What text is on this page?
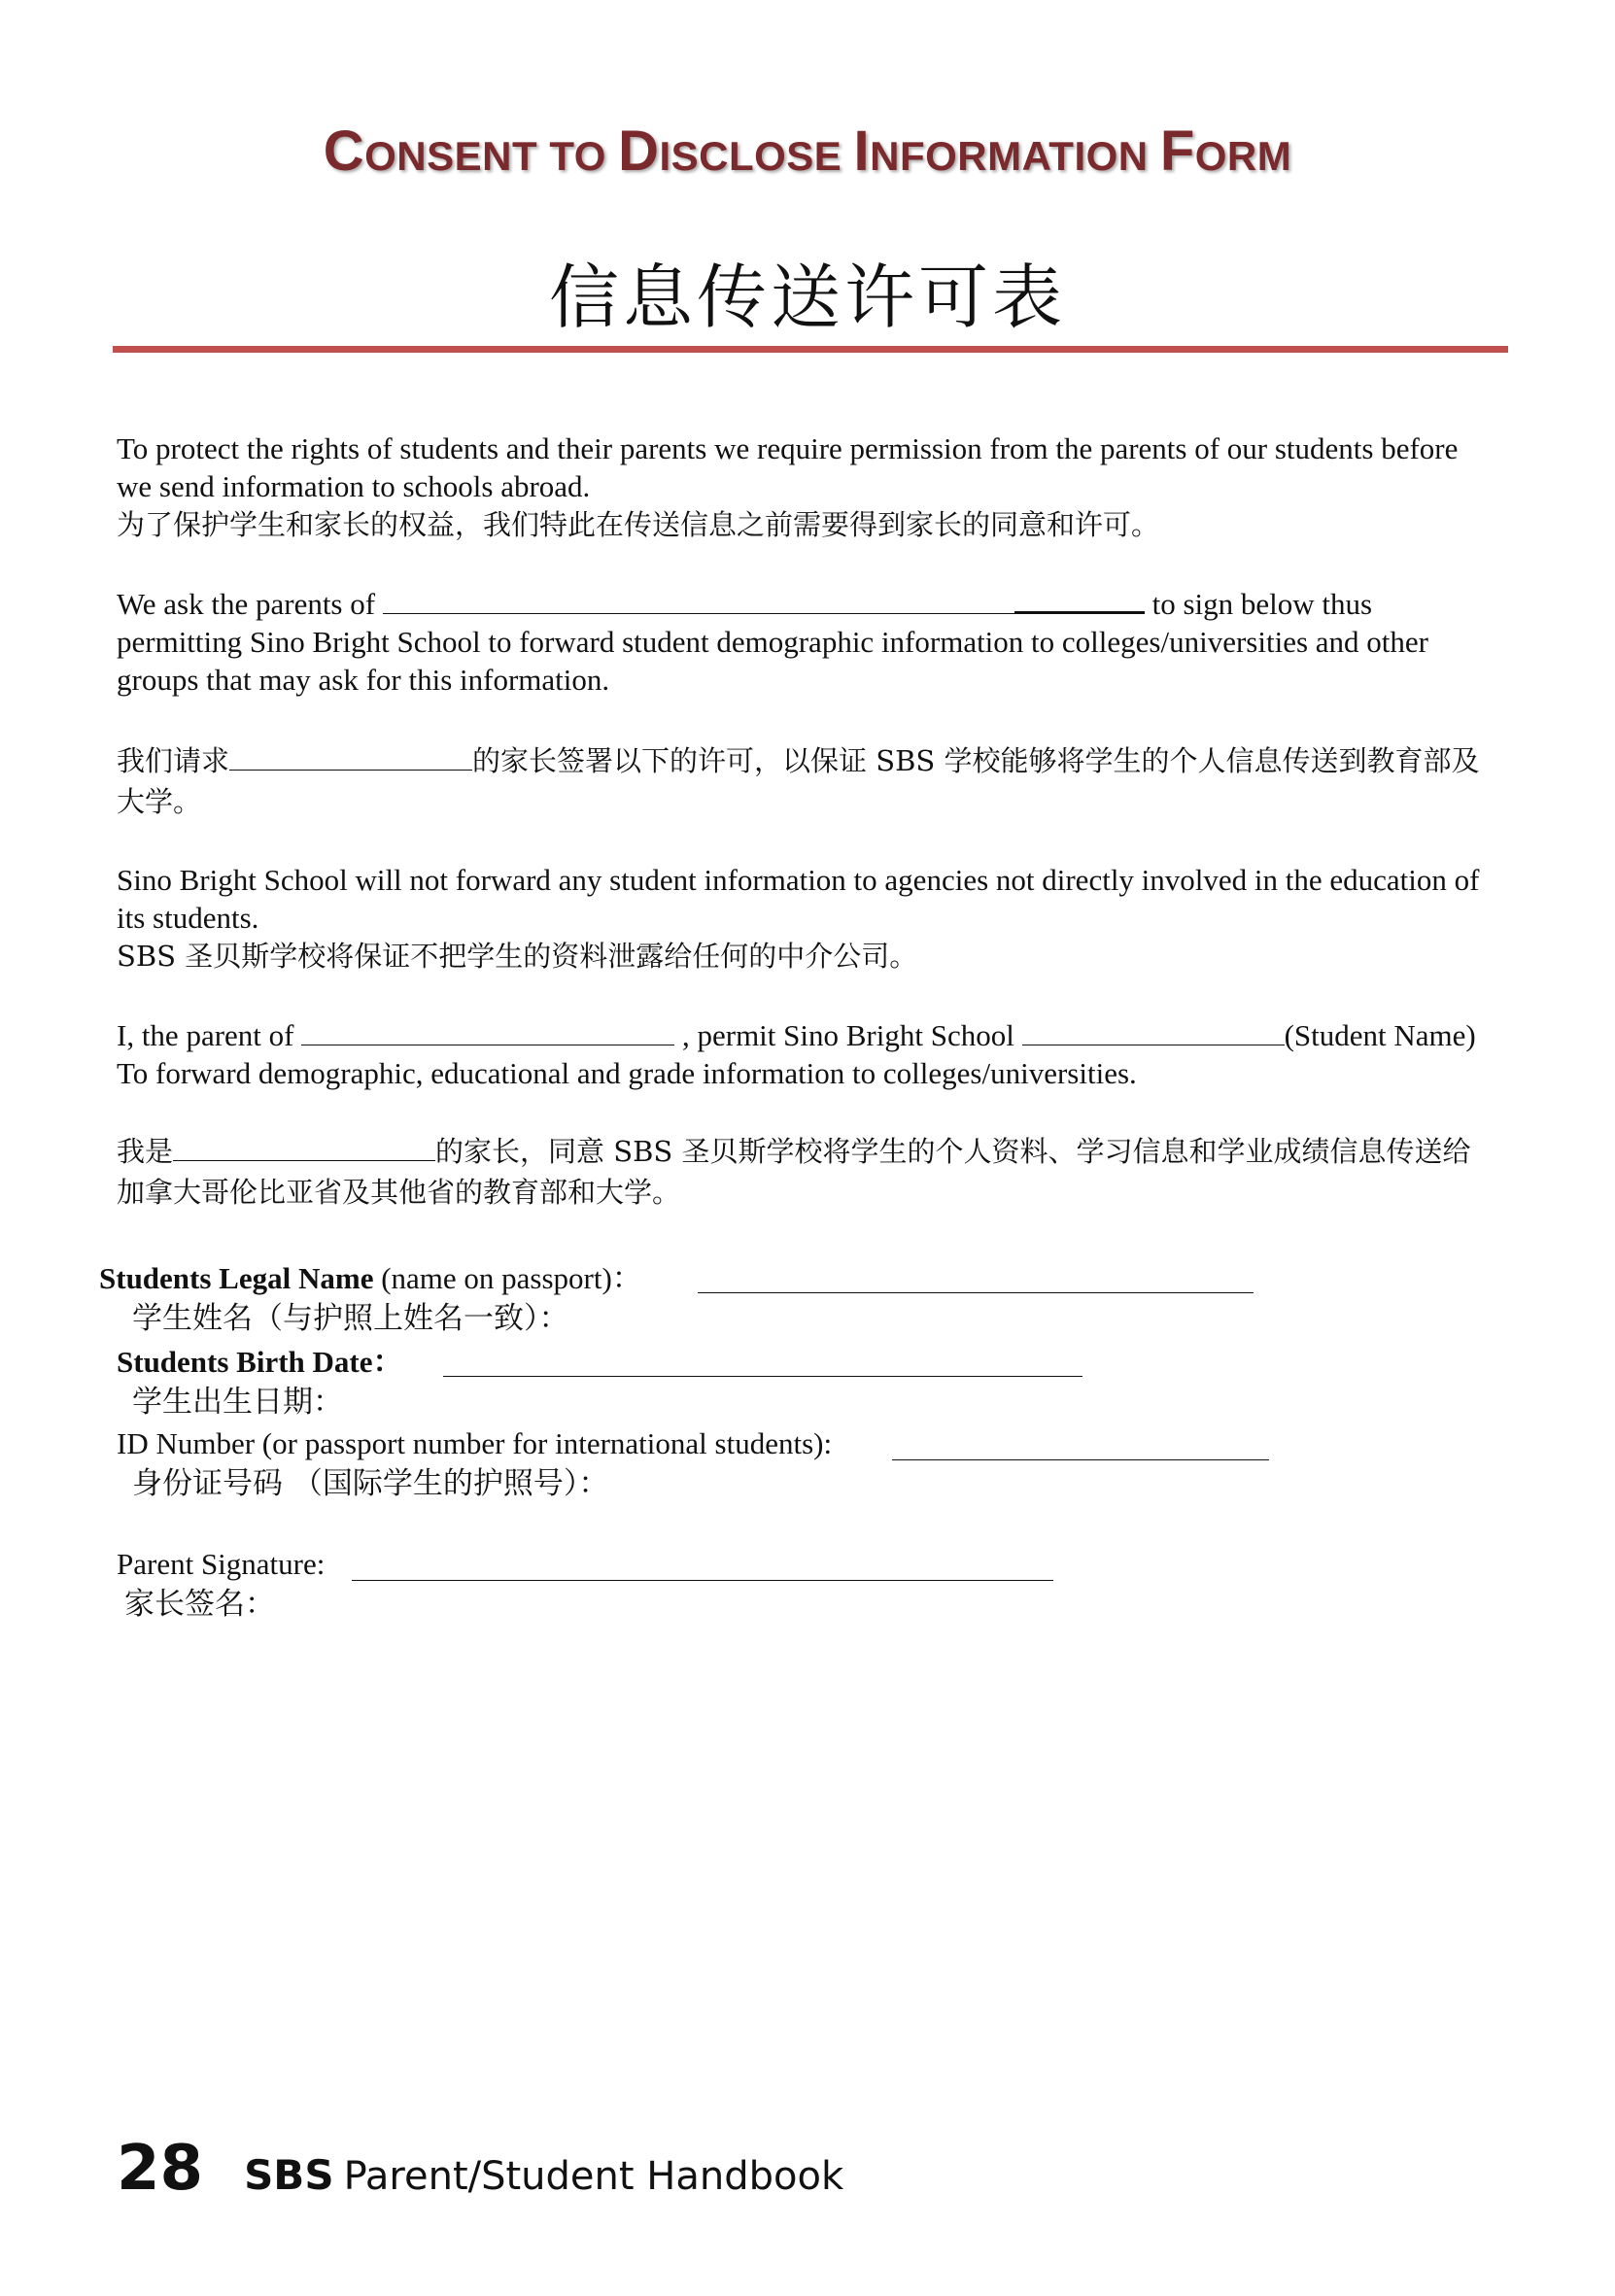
CONSENT TO DISCLOSE INFORMATION FORM
信息传送许可表

To protect the rights of students and their parents we require permission from the parents of our students before we send information to schools abroad.
为了保护学生和家长的权益，我们特此在传送信息之前需要得到家长的同意和许可。

We ask the parents of	to sign below thus permitting Sino Bright School to forward student demographic information to colleges/universities and other groups that may ask for this information.

我们请求	的家长签署以下的许可，以保证 SBS 学校能够将学生的个人信息传送到教育部及大学。

Sino Bright School will not forward any student information to agencies not directly involved in the education of its students.
SBS 圣贝斯学校将保证不把学生的资料泄露给任何的中介公司。

I, the parent of	, permit Sino Bright School	(Student Name) To forward demographic, educational and grade information to colleges/universities.

我是	的家长，同意 SBS 圣贝斯学校将学生的个人资料、学习信息和学业成绩信息传送给加拿大哥伦比亚省及其他省的教育部和大学。

Students Legal Name (name on passport)：
学生姓名（与护照上姓名一致）：
Students Birth Date：
学生出生日期：
ID Number (or passport number for international students):
身份证号码 （国际学生的护照号）：
Parent Signature:
家长签名：
28 SBS Parent/Student Handbook
